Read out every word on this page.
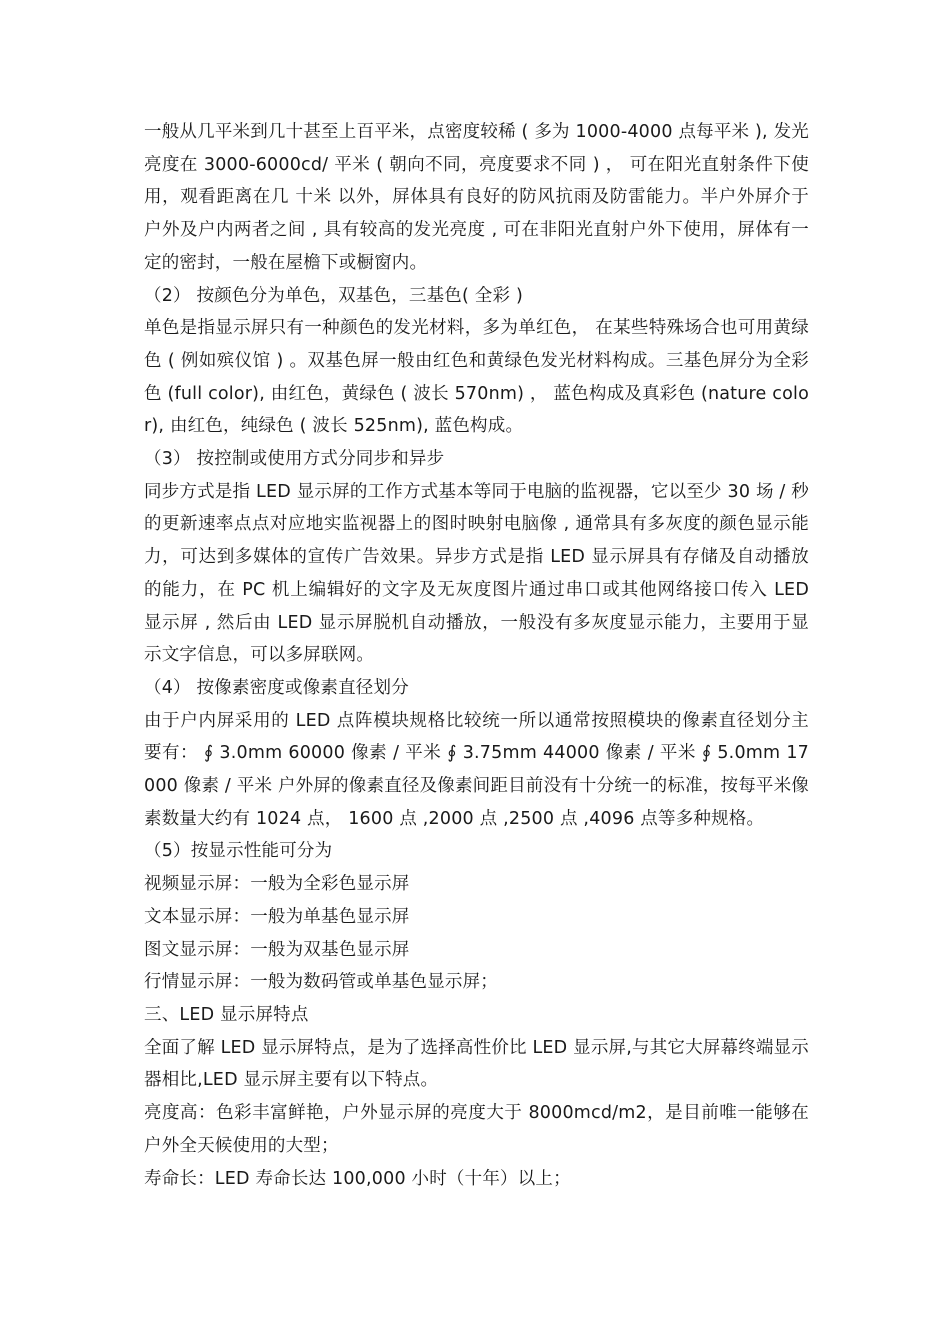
一般从几平米到几十甚至上百平米，点密度较稀 ( 多为 1000-4000 点每平米 ), 发光亮度在 3000-6000cd/ 平米 ( 朝向不同，亮度要求不同 ) ， 可在阳光直射条件下使用，观看距离在几 十米 以外，屏体具有良好的防风抗雨及防雷能力。半户外屏介于户外及户内两者之间 , 具有较高的发光亮度 , 可在非阳光直射户外下使用，屏体有一定的密封，一般在屋檐下或橱窗内。

（2） 按颜色分为单色，双基色，三基色( 全彩 )

单色是指显示屏只有一种颜色的发光材料，多为单红色， 在某些特殊场合也可用黄绿色 ( 例如殡仪馆 ) 。双基色屏一般由红色和黄绿色发光材料构成。三基色屏分为全彩色 (full color), 由红色，黄绿色 ( 波长 570nm) ， 蓝色构成及真彩色 (nature color), 由红色，纯绿色 ( 波长 525nm), 蓝色构成。

（3） 按控制或使用方式分同步和异步

同步方式是指 LED 显示屏的工作方式基本等同于电脑的监视器，它以至少 30 场 / 秒的更新速率点点对应地实监视器上的图时映射电脑像 , 通常具有多灰度的颜色显示能力，可达到多媒体的宣传广告效果。异步方式是指 LED 显示屏具有存储及自动播放的能力，在 PC 机上编辑好的文字及无灰度图片通过串口或其他网络接口传入 LED 显示屏 , 然后由 LED 显示屏脱机自动播放，一般没有多灰度显示能力，主要用于显示文字信息，可以多屏联网。

（4） 按像素密度或像素直径划分

由于户内屏采用的 LED 点阵模块规格比较统一所以通常按照模块的像素直径划分主要有： ∮ 3.0mm 60000 像素 / 平米 ∮ 3.75mm 44000 像素 / 平米 ∮ 5.0mm 17000 像素 / 平米 户外屏的像素直径及像素间距目前没有十分统一的标准，按每平米像素数量大约有 1024 点， 1600 点 ,2000 点 ,2500 点 ,4096 点等多种规格。

（5）按显示性能可分为

视频显示屏：一般为全彩色显示屏

文本显示屏：一般为单基色显示屏

图文显示屏：一般为双基色显示屏

行情显示屏：一般为数码管或单基色显示屏；

三、LED 显示屏特点

全面了解 LED 显示屏特点，是为了选择高性价比 LED 显示屏,与其它大屏幕终端显示器相比,LED 显示屏主要有以下特点。

亮度高：色彩丰富鲜艳，户外显示屏的亮度大于 8000mcd/m2，是目前唯一能够在户外全天候使用的大型；

寿命长：LED 寿命长达 100,000 小时（十年）以上；
